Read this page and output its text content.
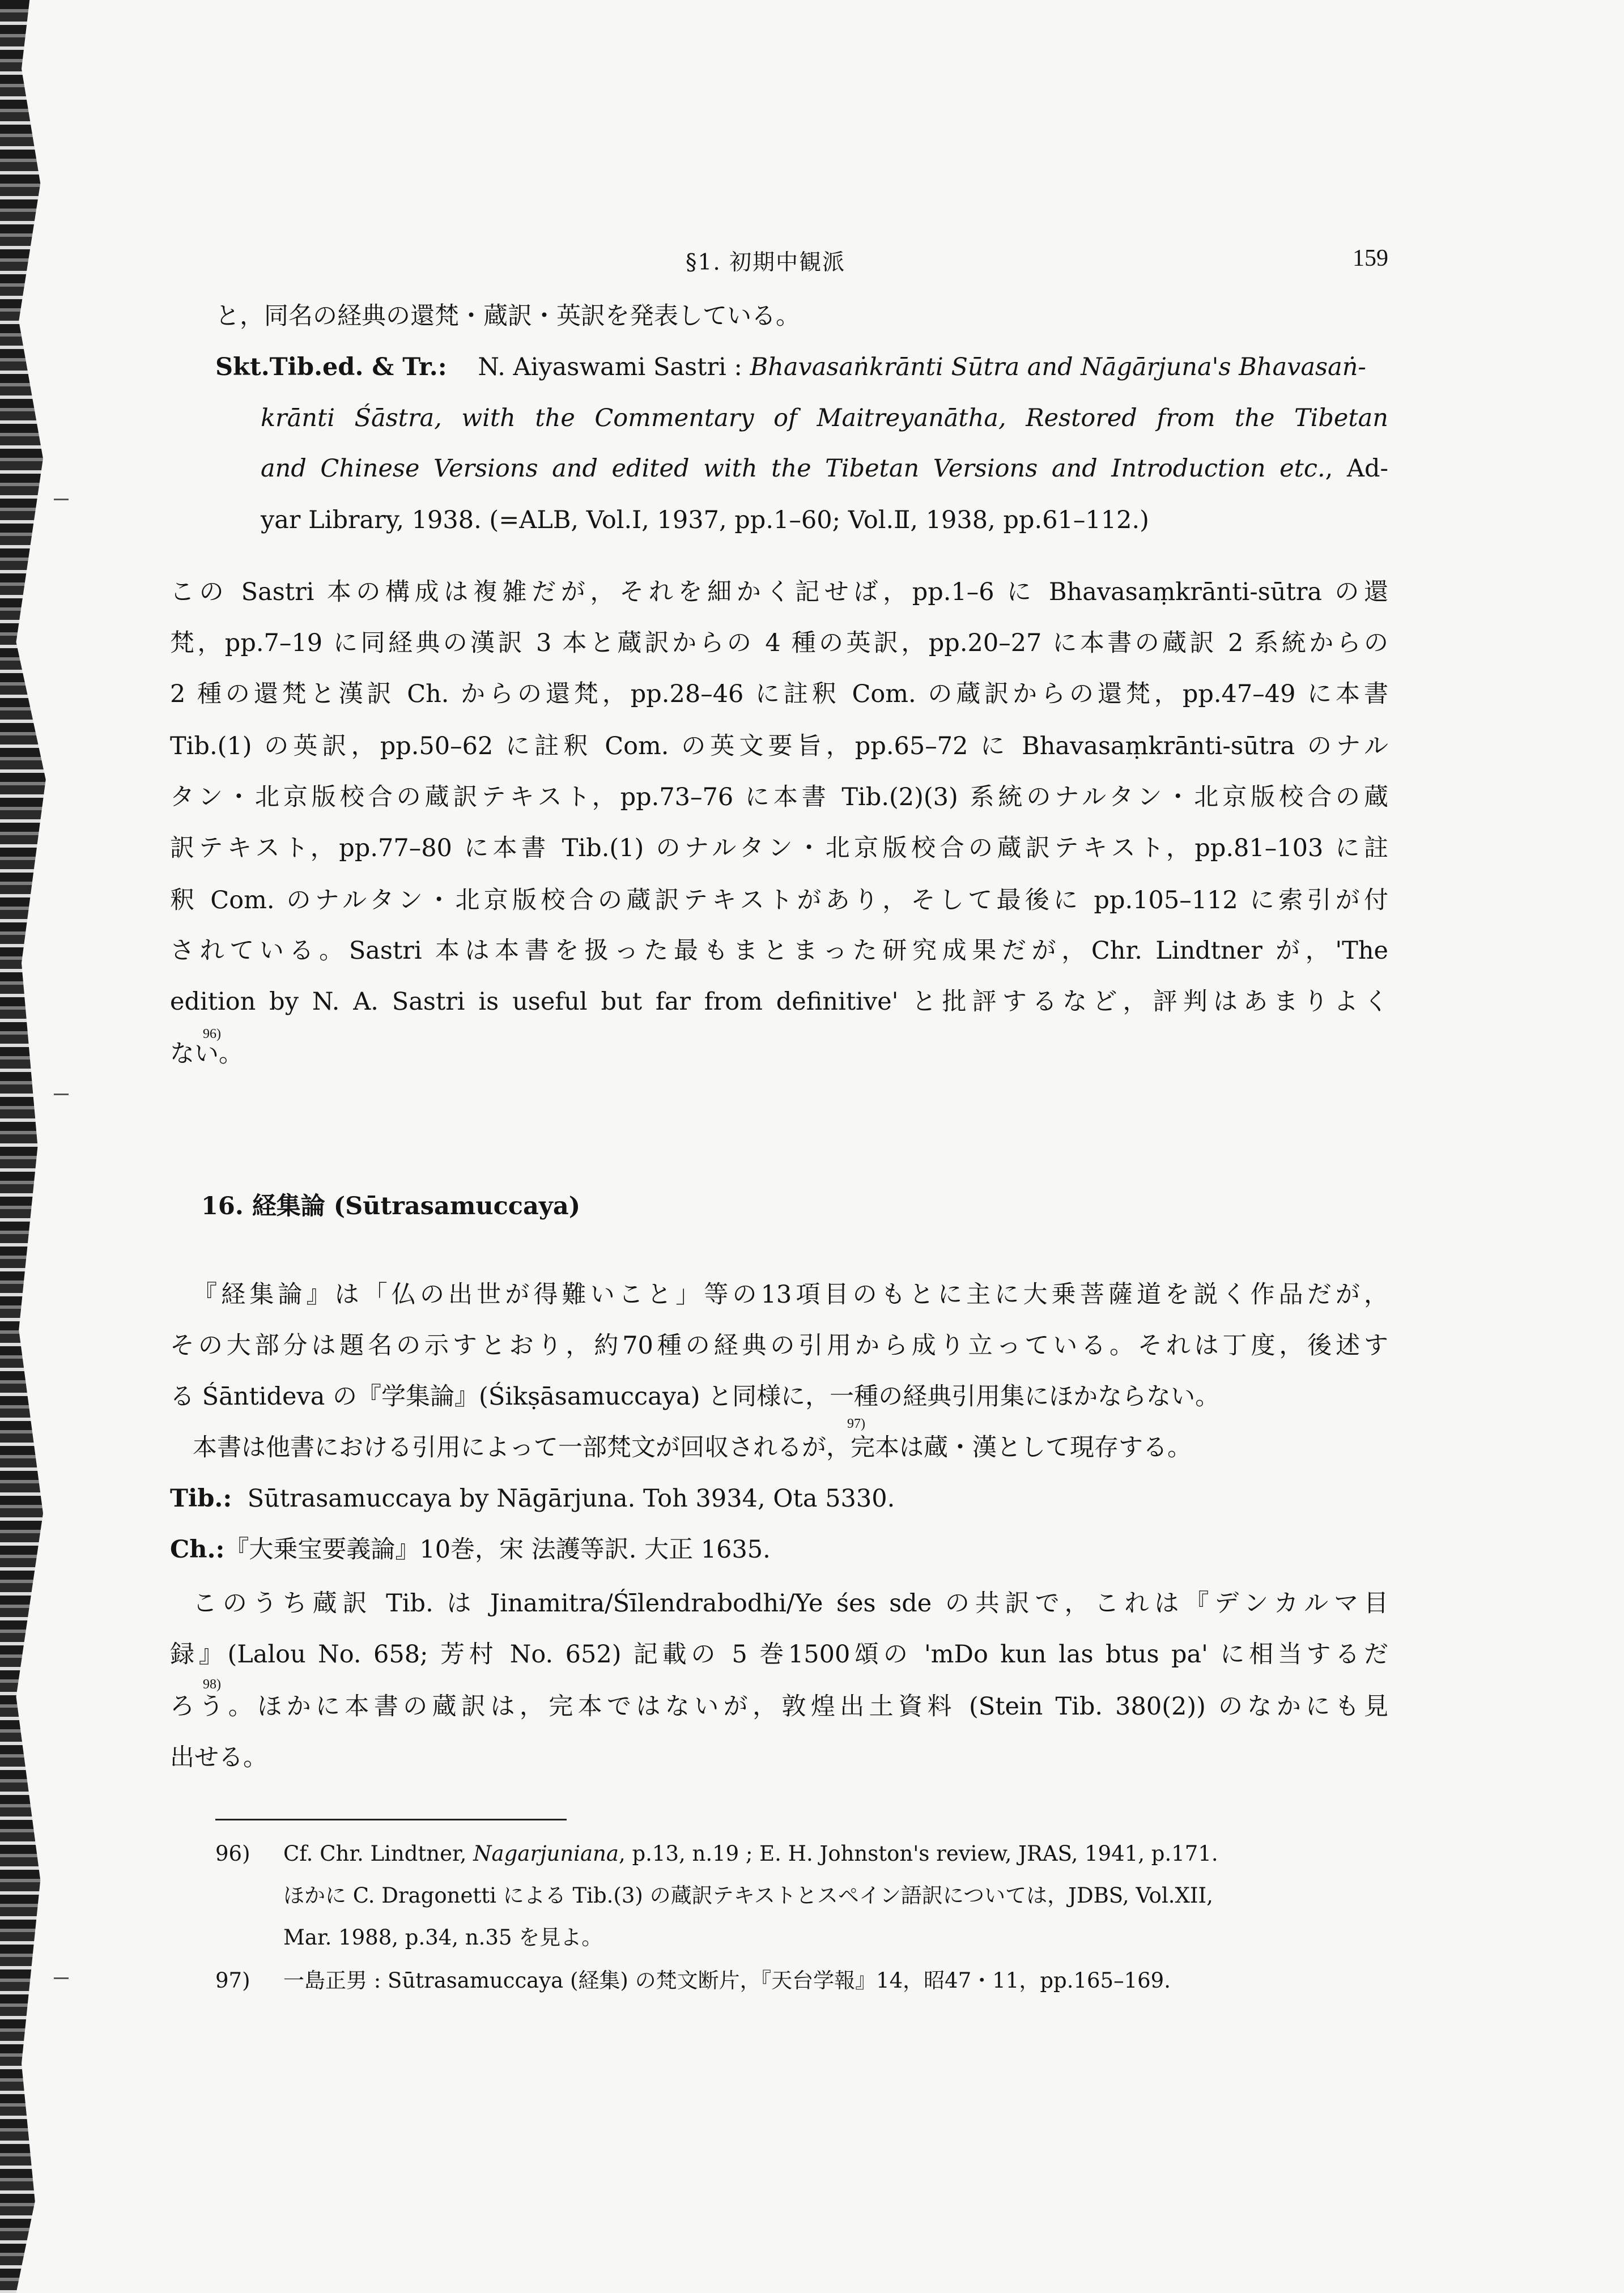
§1. 初期中観派	159
と，同名の経典の還梵・蔵訳・英訳を発表している。
Skt.Tib.ed. & Tr.: N. Aiyaswami Sastri : Bhavasaṅkrānti Sūtra and Nāgārjuna's Bhavasaṅ-
krānti Śāstra, with the Commentary of Maitreyanātha, Restored from the Tibetan
and Chinese Versions and edited with the Tibetan Versions and Introduction etc., Ad-
yar Library, 1938. (=ALB, Vol.Ⅰ, 1937, pp.1–60; Vol.Ⅱ, 1938, pp.61–112.)
この Sastri 本の構成は複雑だが，それを細かく記せば，pp.1–6 に Bhavasaṃkrānti-sūtra の還
梵，pp.7–19 に同経典の漢訳 3 本と蔵訳からの 4 種の英訳，pp.20–27 に本書の蔵訳 2 系統からの
2 種の還梵と漢訳 Ch. からの還梵，pp.28–46 に註釈 Com. の蔵訳からの還梵，pp.47–49 に本書
Tib.(1) の英訳，pp.50–62 に註釈 Com. の英文要旨，pp.65–72 に Bhavasaṃkrānti-sūtra のナル
タン・北京版校合の蔵訳テキスト，pp.73–76 に本書 Tib.(2)(3) 系統のナルタン・北京版校合の蔵
訳テキスト，pp.77–80 に本書 Tib.(1) のナルタン・北京版校合の蔵訳テキスト，pp.81–103 に註
釈 Com. のナルタン・北京版校合の蔵訳テキストがあり，そして最後に pp.105–112 に索引が付
されている。Sastri 本は本書を扱った最もまとまった研究成果だが，Chr. Lindtner が，'The
edition by N. A. Sastri is useful but far from definitive' と批評するなど，評判はあまりよく
96)
ない。
16. 経集論 (Sūtrasamuccaya)
『経集論』は「仏の出世が得難いこと」等の13項目のもとに主に大乗菩薩道を説く作品だが，
その大部分は題名の示すとおり，約70種の経典の引用から成り立っている。それは丁度，後述す
る Śāntideva の『学集論』(Śikṣāsamuccaya) と同様に，一種の経典引用集にほかならない。
97)
本書は他書における引用によって一部梵文が回収されるが，完本は蔵・漢として現存する。
Tib.: Sūtrasamuccaya by Nāgārjuna. Toh 3934, Ota 5330.
Ch.:『大乗宝要義論』10巻，宋 法護等訳. 大正 1635.
このうち蔵訳 Tib. は Jinamitra/Śīlendrabodhi/Ye śes sde の共訳で，これは『デンカルマ目
録』(Lalou No. 658; 芳村 No. 652) 記載の 5 巻1500頌の 'mDo kun las btus pa' に相当するだ
98)
ろう。ほかに本書の蔵訳は，完本ではないが，敦煌出土資料 (Stein Tib. 380(2)) のなかにも見
出せる。
96) Cf. Chr. Lindtner, Nagarjuniana, p.13, n.19 ; E. H. Johnston's review, JRAS, 1941, p.171.
ほかに C. Dragonetti による Tib.(3) の蔵訳テキストとスペイン語訳については，JDBS, Vol.XII,
Mar. 1988, p.34, n.35 を見よ。
97) 一島正男 : Sūtrasamuccaya (経集) の梵文断片，『天台学報』14，昭47・11，pp.165–169.
